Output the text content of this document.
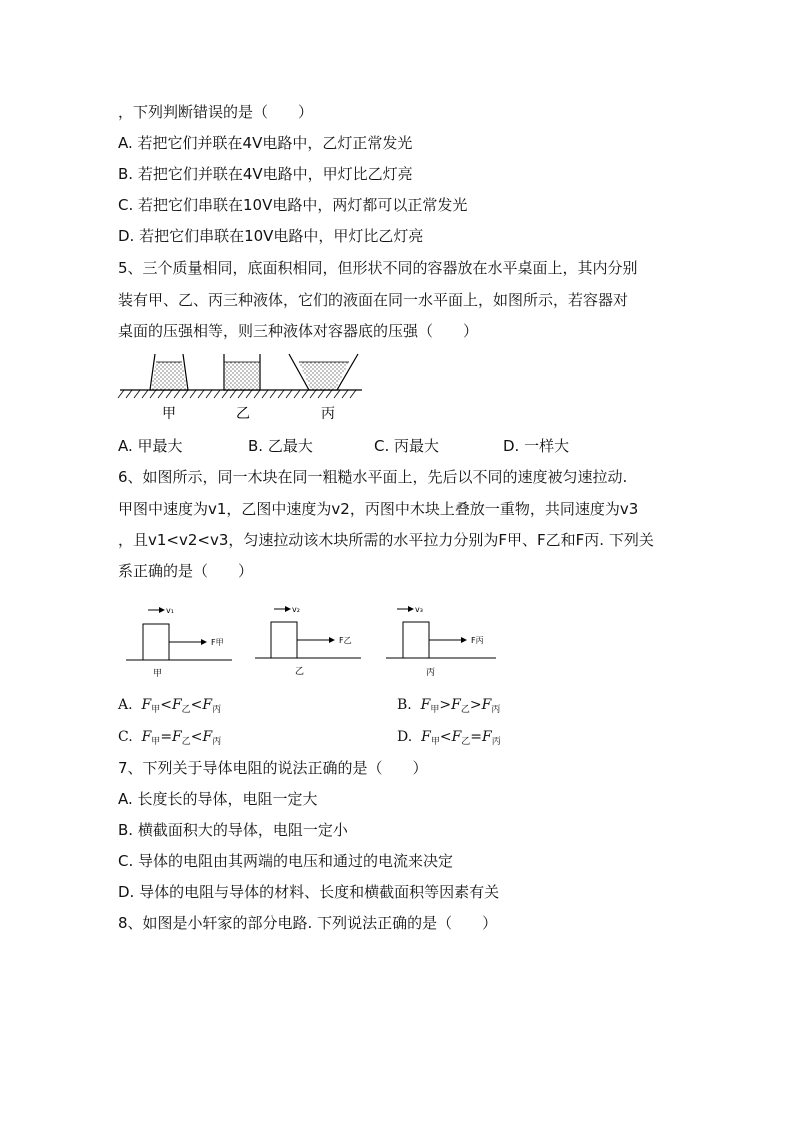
，下列判断错误的是（　　）
A. 若把它们并联在4V电路中，乙灯正常发光
B. 若把它们并联在4V电路中，甲灯比乙灯亮
C. 若把它们串联在10V电路中，两灯都可以正常发光
D. 若把它们串联在10V电路中，甲灯比乙灯亮
5、三个质量相同，底面积相同，但形状不同的容器放在水平桌面上，其内分别
装有甲、乙、丙三种液体，它们的液面在同一水平面上，如图所示，若容器对
桌面的压强相等，则三种液体对容器底的压强（　　）
甲	乙	丙
A. 甲最大	B. 乙最大	C. 丙最大	D. 一样大
6、如图所示，同一木块在同一粗糙水平面上，先后以不同的速度被匀速拉动.
甲图中速度为v1，乙图中速度为v2，丙图中木块上叠放一重物，共同速度为v3
，且v1<v2<v3，匀速拉动该木块所需的水平拉力分别为F甲、F乙和F丙. 下列关
系正确的是（　　）
v₁
F甲
甲
v₂
F乙
乙
v₃
F丙
丙
A. $F_甲<F_乙<F_丙$	B. $F_甲>F_乙>F_丙$
C. $F_甲=F_乙<F_丙$	D. $F_甲<F_乙=F_丙$
7、下列关于导体电阻的说法正确的是（　　）
A. 长度长的导体，电阻一定大
B. 横截面积大的导体，电阻一定小
C. 导体的电阻由其两端的电压和通过的电流来决定
D. 导体的电阻与导体的材料、长度和横截面积等因素有关
8、如图是小轩家的部分电路. 下列说法正确的是（　　）
